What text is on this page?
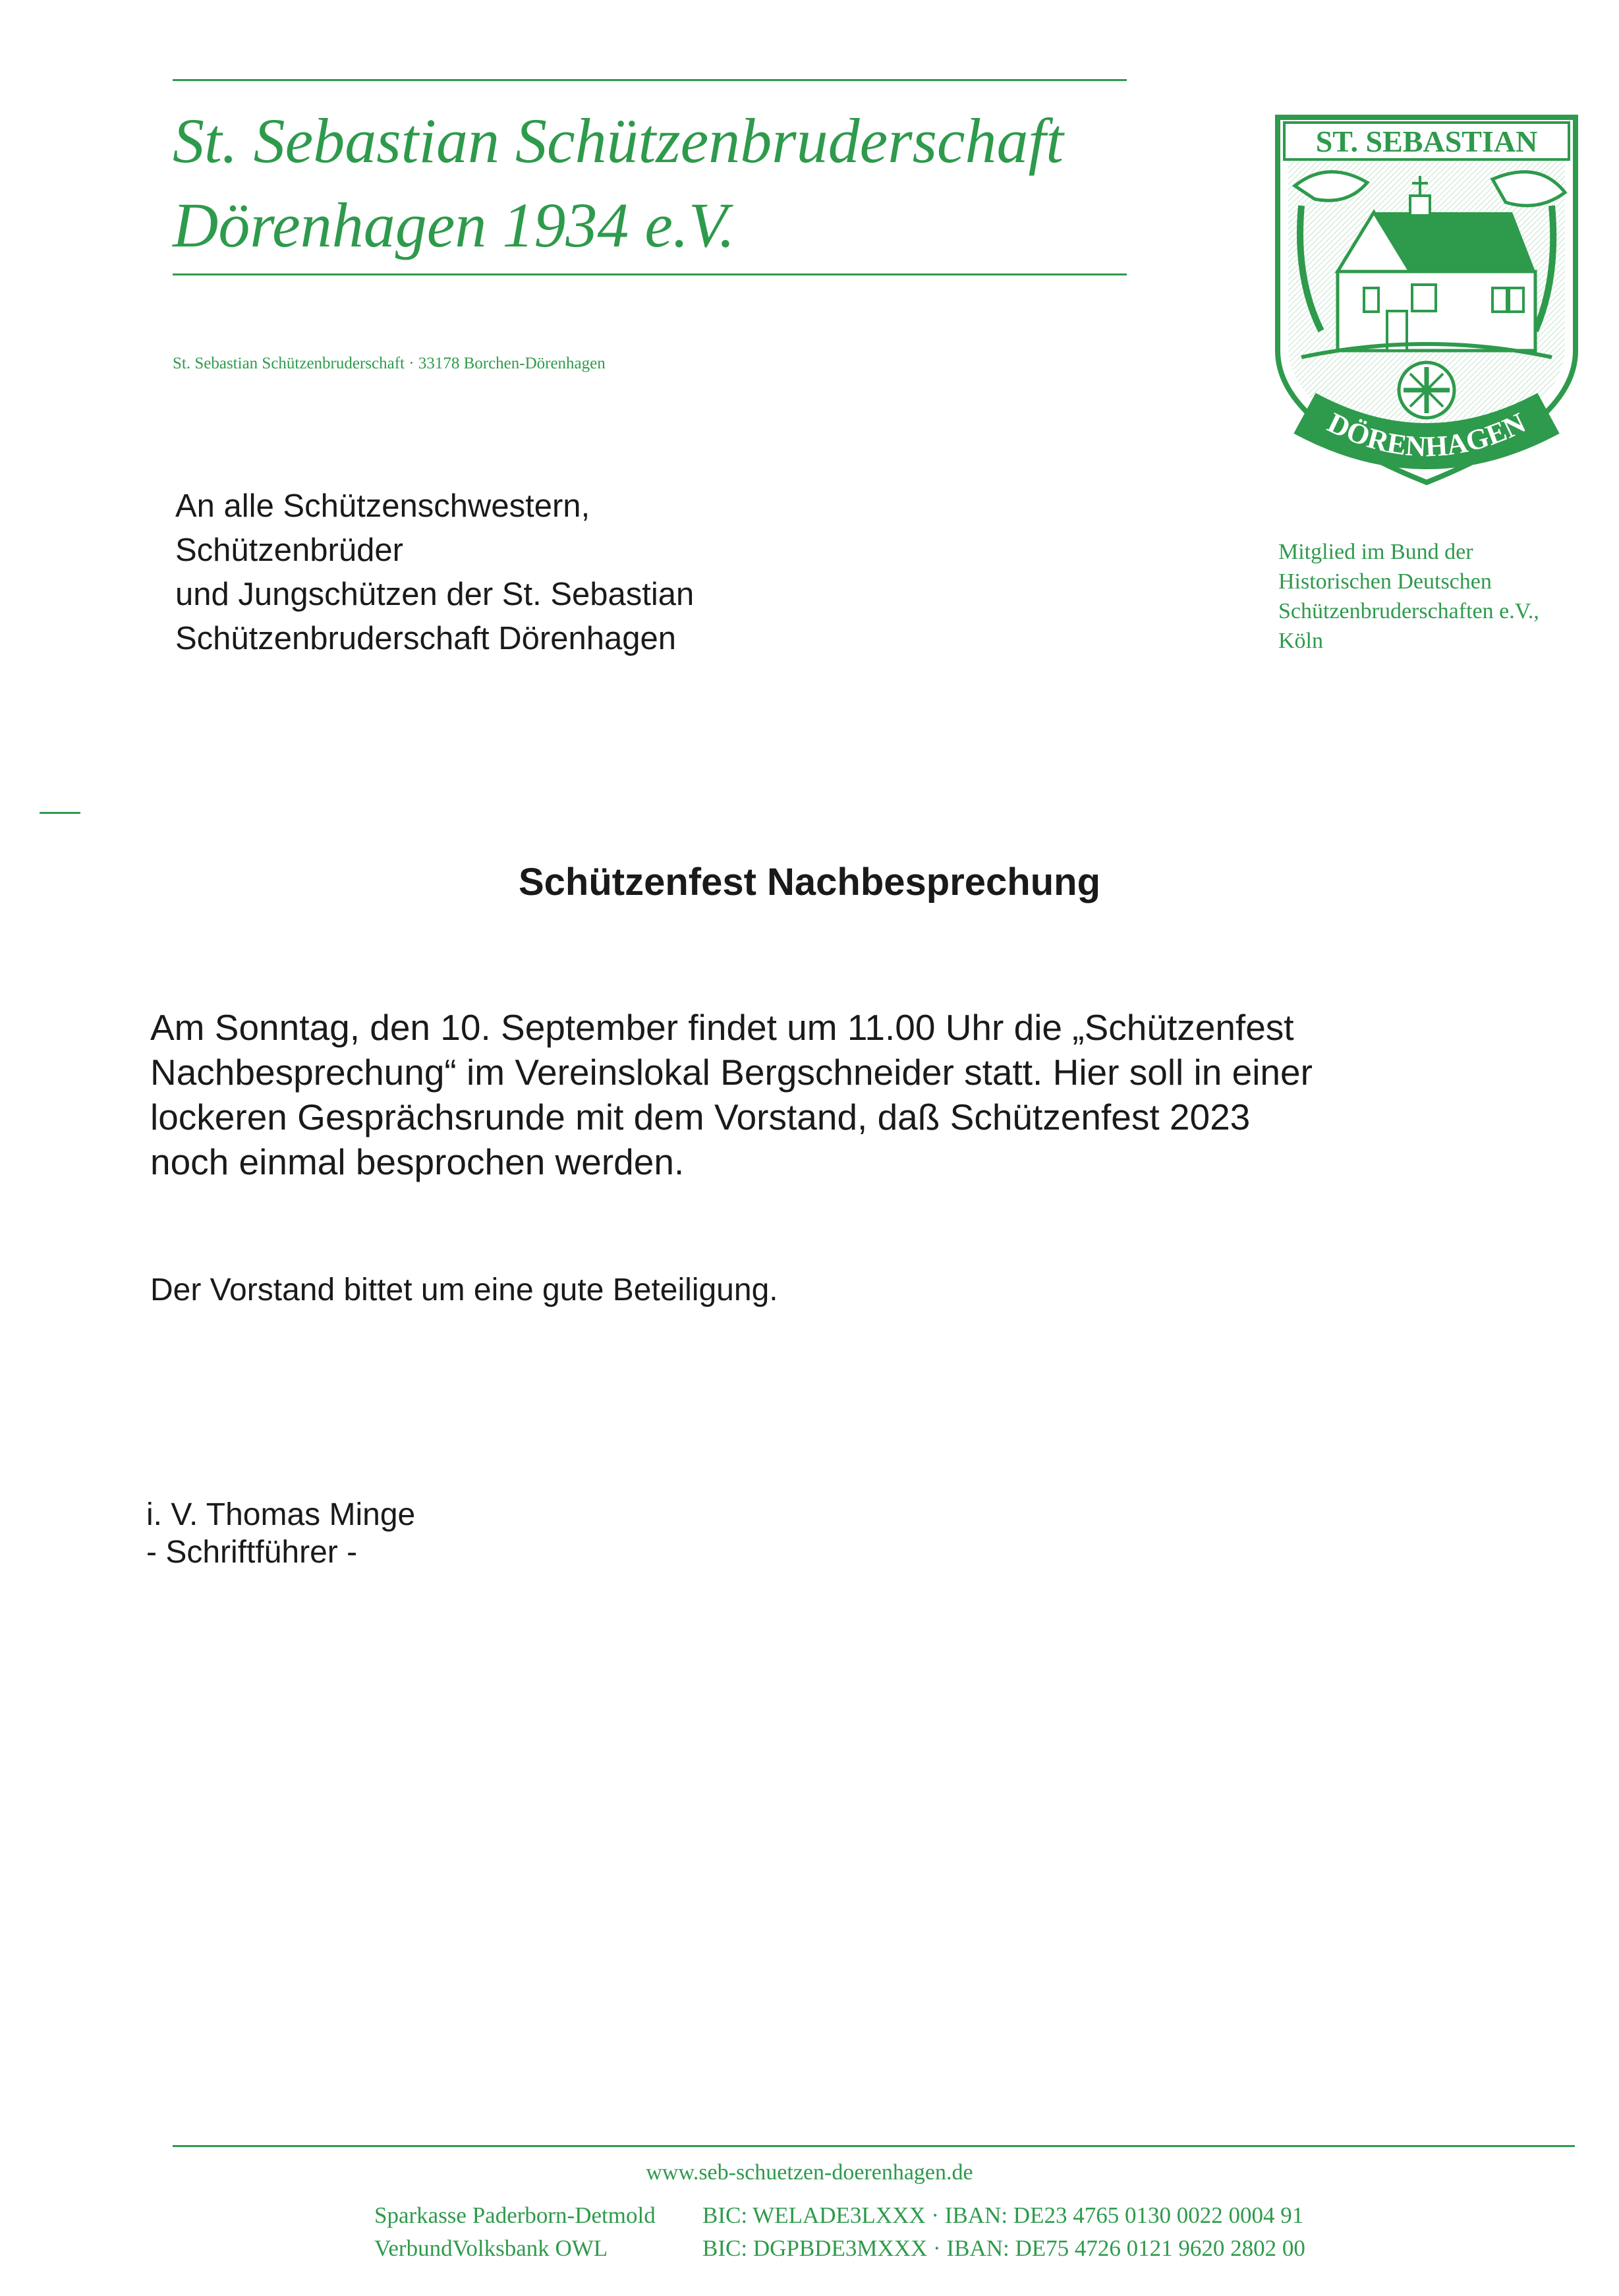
St. Sebastian Schützenbruderschaft
Dörenhagen 1934 e.V.
St. Sebastian Schützenbruderschaft · 33178 Borchen-Dörenhagen
ST. SEBASTIAN
DÖRENHAGEN
Mitglied im Bund der
Historischen Deutschen
Schützenbruderschaften e.V.,
Köln
An alle Schützenschwestern,
Schützenbrüder
und Jungschützen der St. Sebastian
Schützenbruderschaft Dörenhagen
Schützenfest Nachbesprechung
Am Sonntag, den 10. September findet um 11.00 Uhr die „Schützenfest
Nachbesprechung“ im Vereinslokal Bergschneider statt. Hier soll in einer
lockeren Gesprächsrunde mit dem Vorstand, daß Schützenfest 2023
noch einmal besprochen werden.
Der Vorstand bittet um eine gute Beteiligung.
i. V. Thomas Minge
- Schriftführer -
www.seb-schuetzen-doerenhagen.de
Sparkasse Paderborn-Detmold BIC: WELADE3LXXX · IBAN: DE23 4765 0130 0022 0004 91
VerbundVolksbank OWL	BIC: DGPBDE3MXXX · IBAN: DE75 4726 0121 9620 2802 00
